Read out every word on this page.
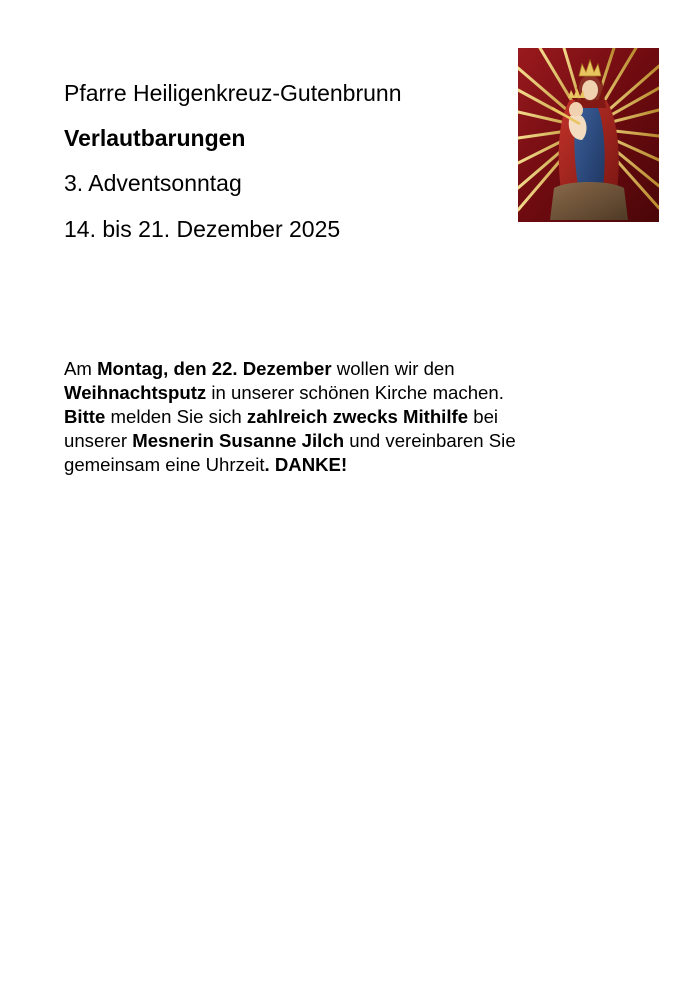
Pfarre Heiligenkreuz-Gutenbrunn
Verlautbarungen
3. Adventsonntag
14. bis 21. Dezember 2025

Am Montag, den 22. Dezember wollen wir den
Weihnachtsputz in unserer schönen Kirche machen.
Bitte melden Sie sich zahlreich zwecks Mithilfe bei
unserer Mesnerin Susanne Jilch und vereinbaren Sie
gemeinsam eine Uhrzeit. DANKE!
